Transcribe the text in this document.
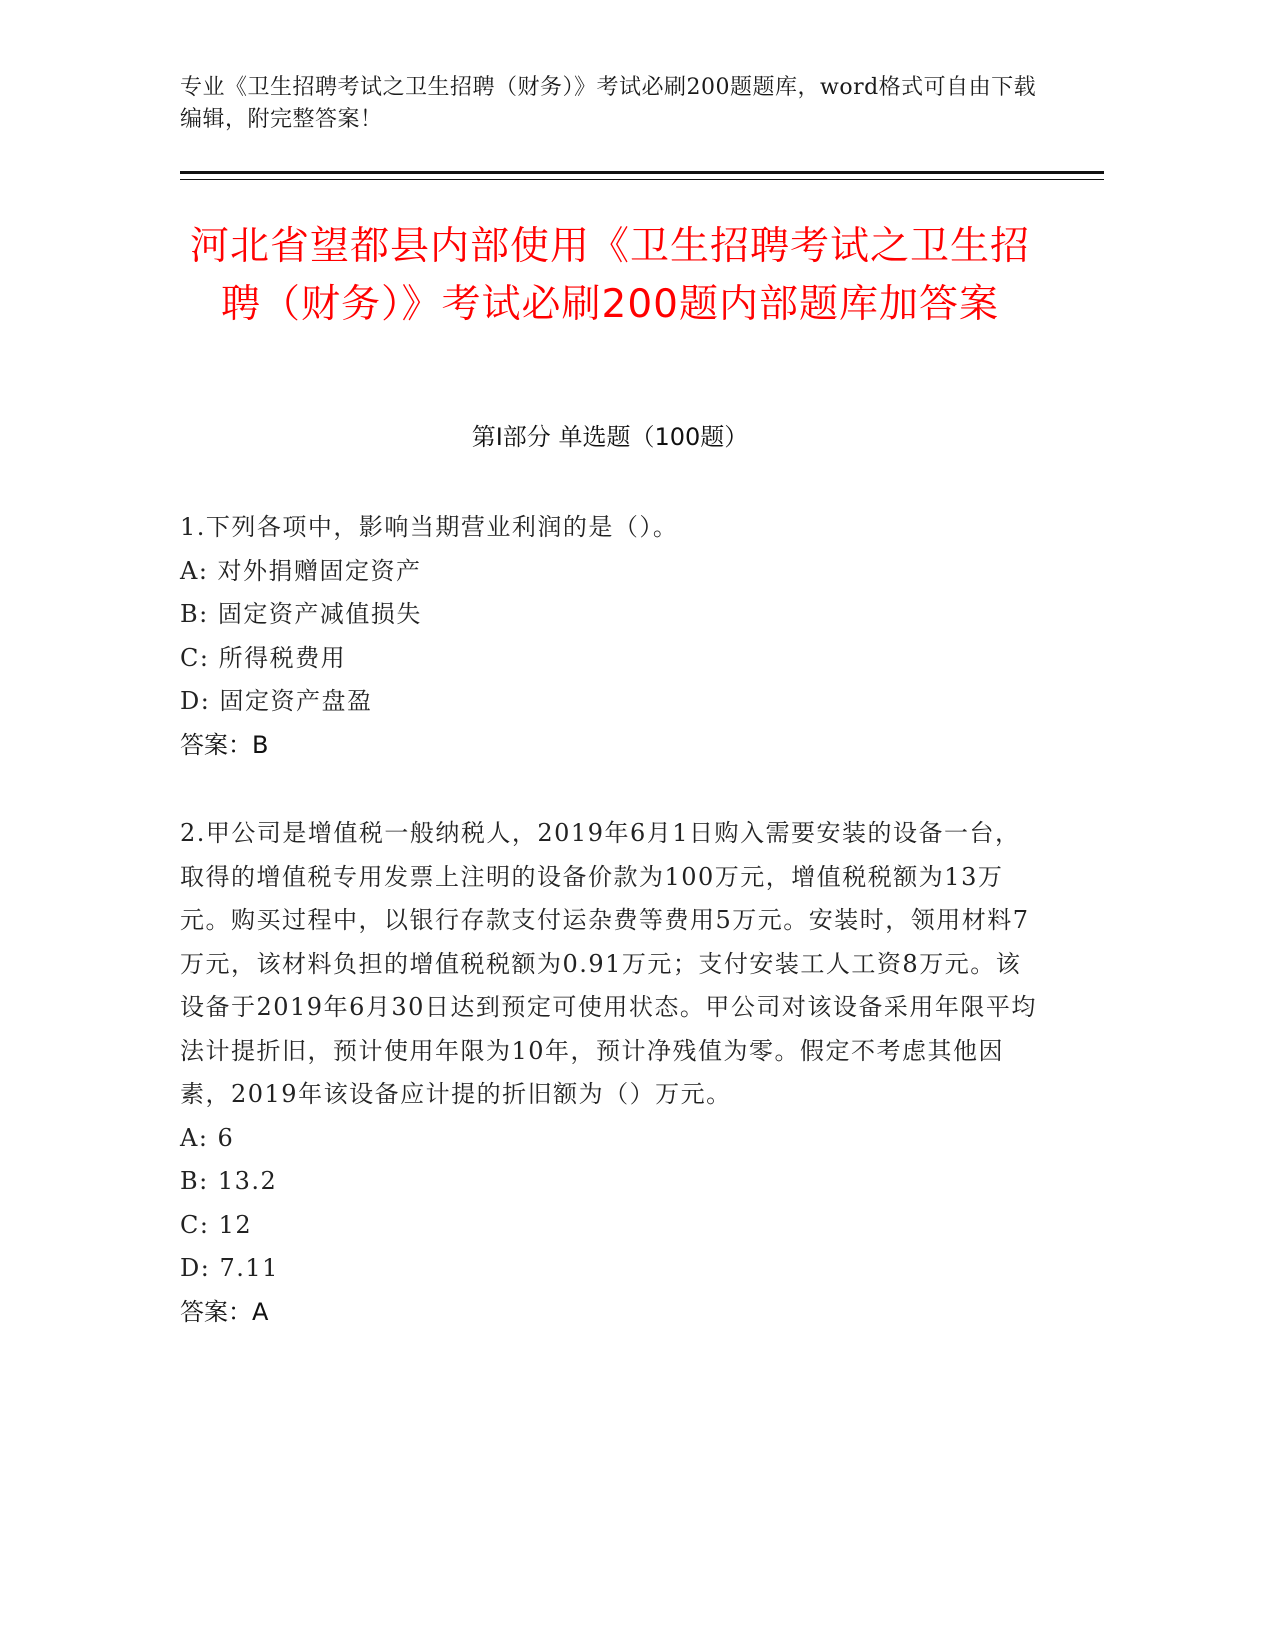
专业《卫生招聘考试之卫生招聘（财务）》考试必刷200题题库，word格式可自由下载编辑，附完整答案！
河北省望都县内部使用《卫生招聘考试之卫生招聘（财务）》考试必刷200题内部题库加答案
第I部分 单选题（100题）

1.下列各项中，影响当期营业利润的是（）。

A: 对外捐赠固定资产

B: 固定资产减值损失

C: 所得税费用

D: 固定资产盘盈

答案：B

2.甲公司是增值税一般纳税人，2019年6月1日购入需要安装的设备一台，取得的增值税专用发票上注明的设备价款为100万元，增值税税额为13万元。购买过程中，以银行存款支付运杂费等费用5万元。安装时，领用材料7万元，该材料负担的增值税税额为0.91万元；支付安装工人工资8万元。该设备于2019年6月30日达到预定可使用状态。甲公司对该设备采用年限平均法计提折旧，预计使用年限为10年，预计净残值为零。假定不考虑其他因素，2019年该设备应计提的折旧额为（）万元。

A: 6

B: 13.2

C: 12

D: 7.11

答案：A
